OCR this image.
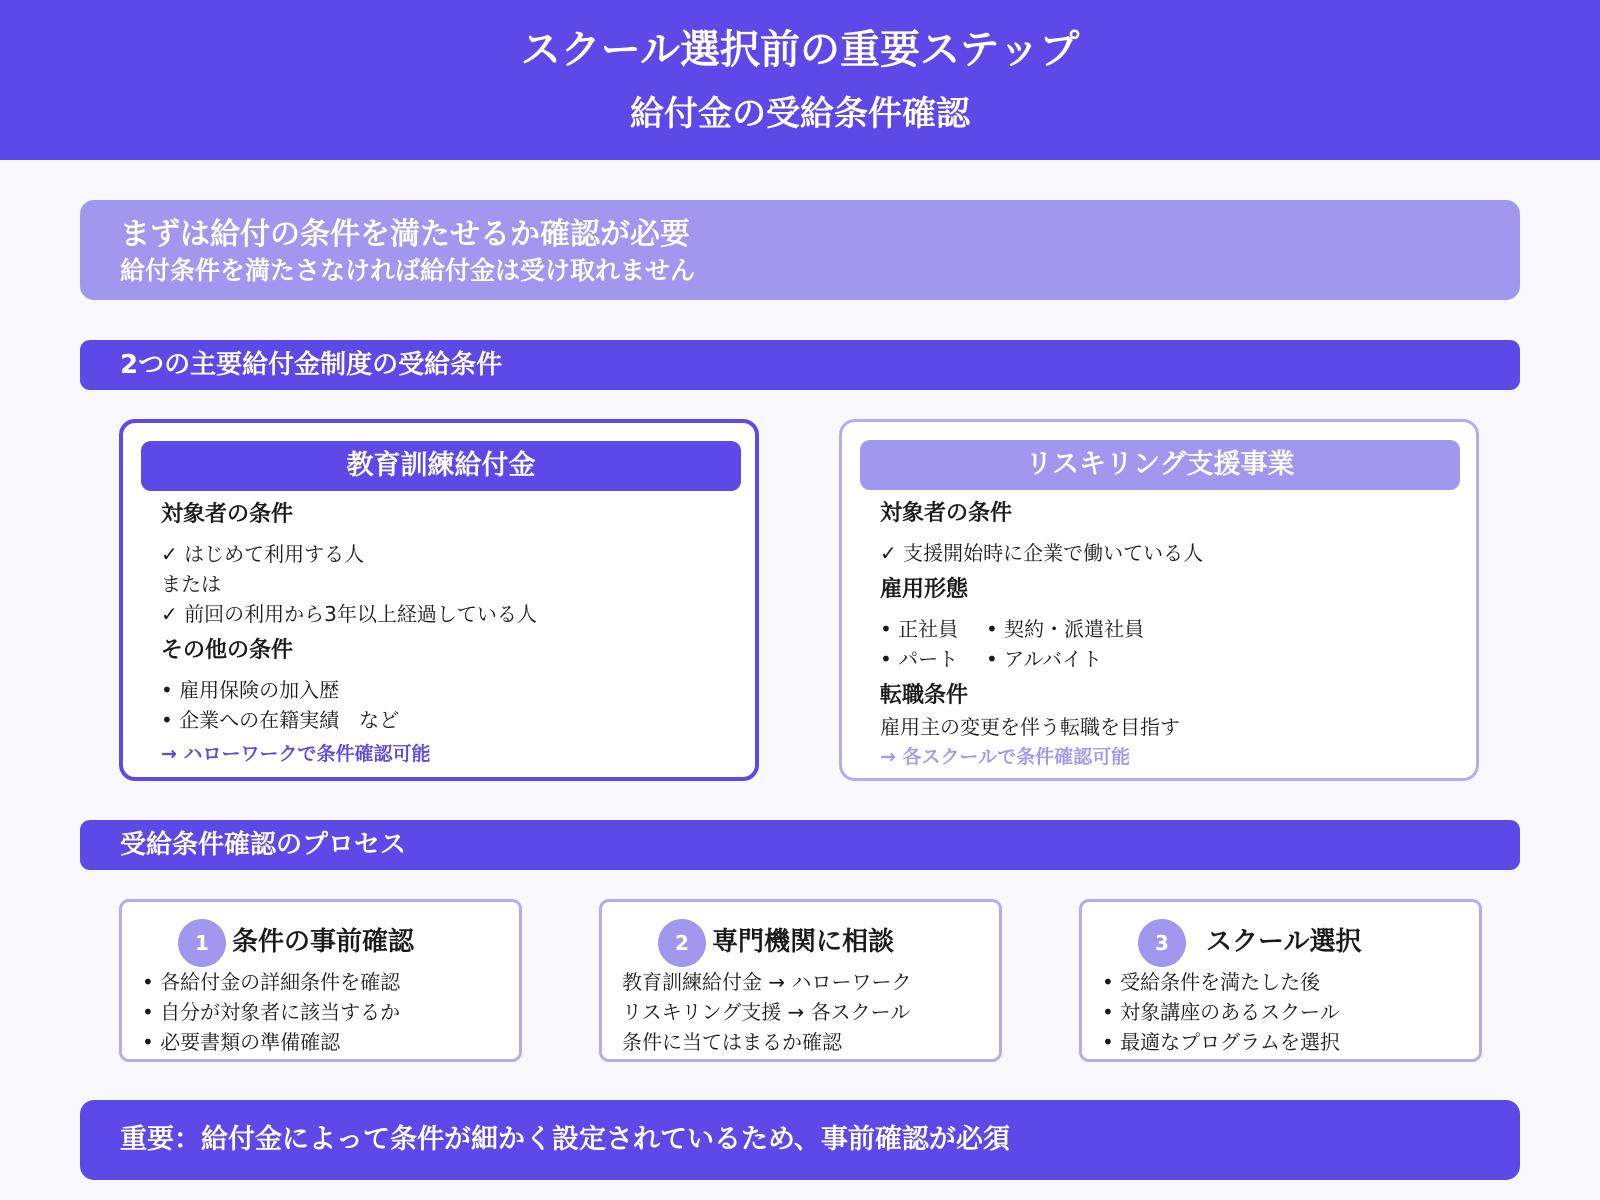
スクール選択前の重要ステップ
給付金の受給条件確認
まずは給付の条件を満たせるか確認が必要
給付条件を満たさなければ給付金は受け取れません
2つの主要給付金制度の受給条件
教育訓練給付金
対象者の条件
✓ はじめて利用する人
または
✓ 前回の利用から3年以上経過している人
その他の条件
• 雇用保険の加入歴
• 企業への在籍実績　など
→ ハローワークで条件確認可能
リスキリング支援事業
対象者の条件
✓ 支援開始時に企業で働いている人
雇用形態
• 正社員	• 契約・派遣社員
• パート	• アルバイト
転職条件
雇用主の変更を伴う転職を目指す
→ 各スクールで条件確認可能
受給条件確認のプロセス
1 条件の事前確認
• 各給付金の詳細条件を確認
• 自分が対象者に該当するか
• 必要書類の準備確認
2 専門機関に相談
教育訓練給付金 → ハローワーク
リスキリング支援 → 各スクール
条件に当てはまるか確認
3	スクール選択
• 受給条件を満たした後
• 対象講座のあるスクール
• 最適なプログラムを選択
重要：給付金によって条件が細かく設定されているため、事前確認が必須
